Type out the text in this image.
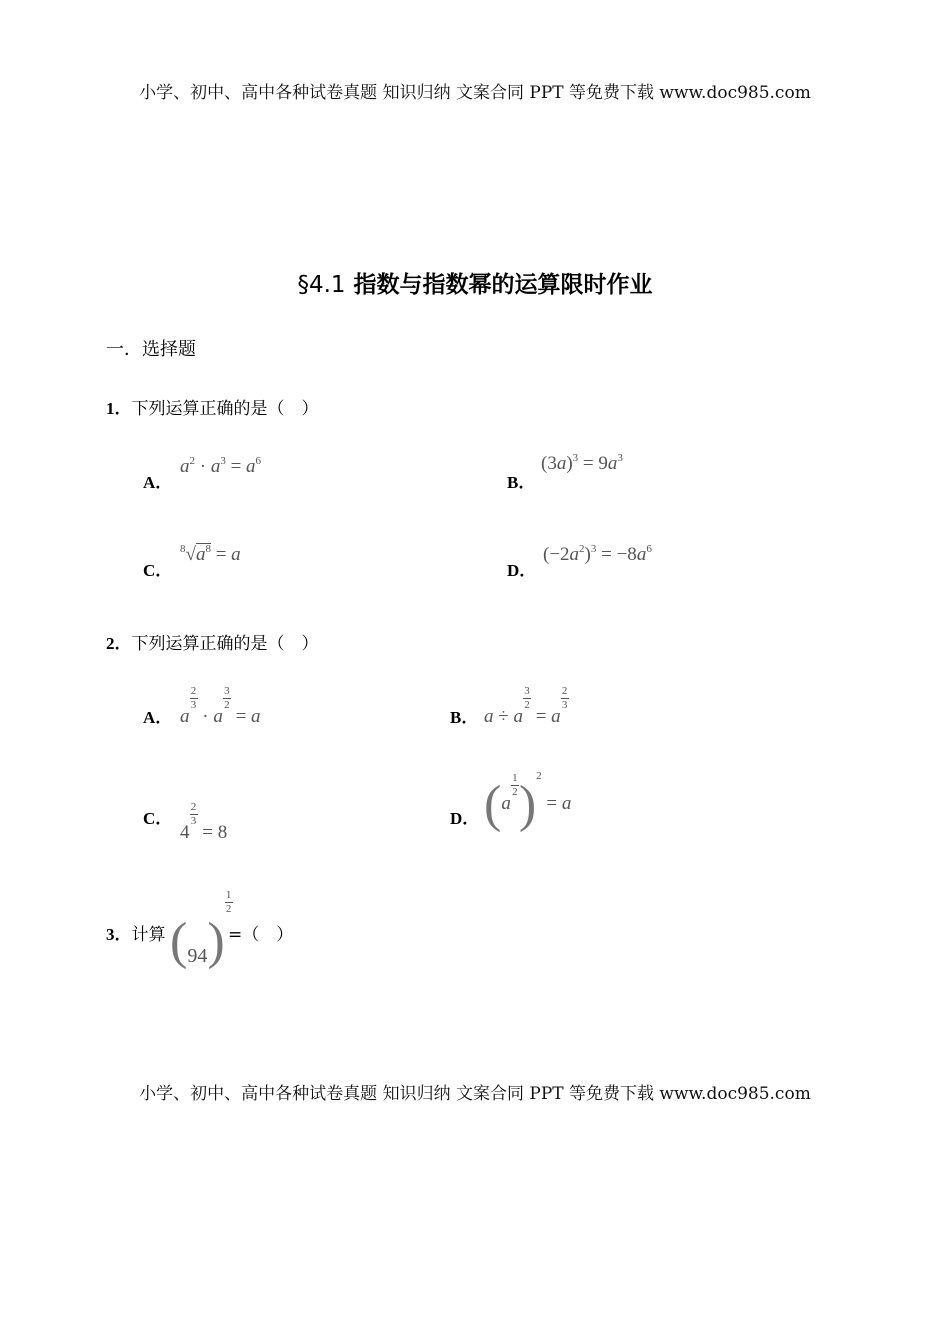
小学、初中、高中各种试卷真题 知识归纳 文案合同 PPT 等免费下载 www.doc985.com
§4.1 指数与指数幂的运算限时作业
一．选择题
1．下列运算正确的是（　）
A．
$a^2 \cdot a^3 = a^6$
B．
$(3a)^3 = 9a^3$
C．
$^8√a^8 = a$
D．
$(-2a^2)^3 = -8a^6$
2．下列运算正确的是（　）
A． a
$\frac{2}{3}$
· a
$\frac{3}{2}$
= a	B． a ÷ a
$\frac{3}{2}$
= a
$\frac{2}{3}$
C．
4
$\frac{2}{3}$
= 8
D． (a
$\frac{1}{2} )^2 = a$
3．计算 (94)
$\frac{1}{2}$
=（　）
小学、初中、高中各种试卷真题 知识归纳 文案合同 PPT 等免费下载 www.doc985.com
